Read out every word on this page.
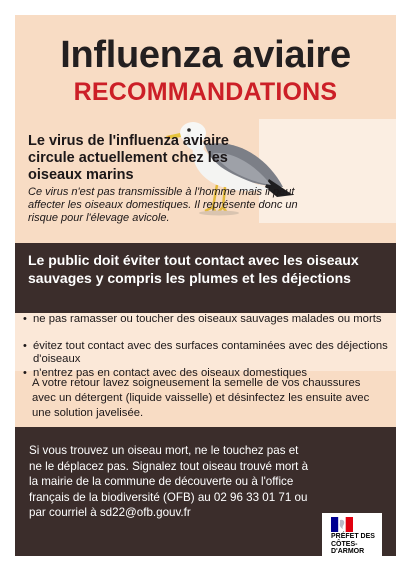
Influenza aviaire
RECOMMANDATIONS
Le virus de l'influenza aviaire circule actuellement chez les oiseaux marins
Ce virus n'est pas transmissible à l'homme mais il peut affecter les oiseaux domestiques. Il représente donc un risque pour l'élevage avicole.

Le public doit éviter tout contact avec les oiseaux sauvages y compris les plumes et les déjections

• ne pas ramasser ou toucher des oiseaux sauvages malades ou morts
• évitez tout contact avec des surfaces contaminées avec des déjections d'oiseaux
• n'entrez pas en contact avec des oiseaux domestiques
A votre retour lavez soigneusement la semelle de vos chaussures avec un détergent (liquide vaisselle) et désinfectez les ensuite avec une solution javelisée.

Si vous trouvez un oiseau mort, ne le touchez pas et ne le déplacez pas. Signalez tout oiseau trouvé mort à la mairie de la commune de découverte ou à l'office français de la biodiversité (OFB) au 02 96 33 01 71 ou par courriel à sd22@ofb.gouv.fr

PRÉFET DES CÔTES-D'ARMOR
